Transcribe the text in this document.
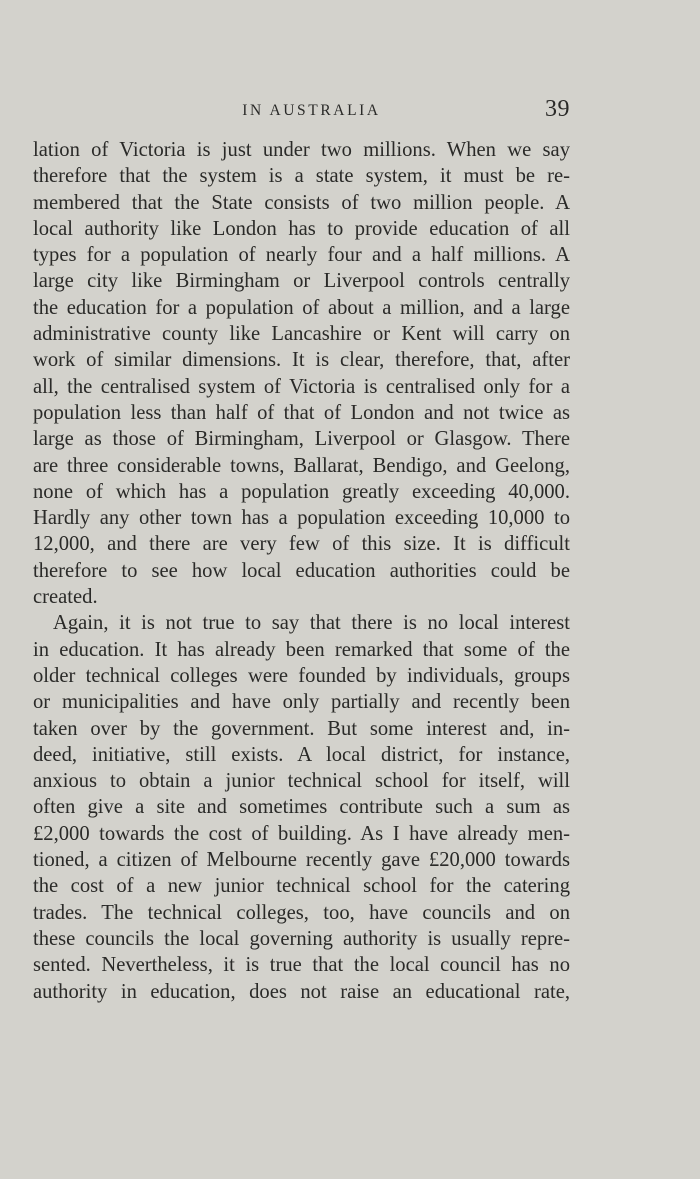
IN AUSTRALIA	39

lation of Victoria is just under two millions. When we say
therefore that the system is a state system, it must be re-
membered that the State consists of two million people. A
local authority like London has to provide education of all
types for a population of nearly four and a half millions. A
large city like Birmingham or Liverpool controls centrally
the education for a population of about a million, and a large
administrative county like Lancashire or Kent will carry on
work of similar dimensions. It is clear, therefore, that, after
all, the centralised system of Victoria is centralised only for a
population less than half of that of London and not twice as
large as those of Birmingham, Liverpool or Glasgow. There
are three considerable towns, Ballarat, Bendigo, and Geelong,
none of which has a population greatly exceeding 40,000.
Hardly any other town has a population exceeding 10,000 to
12,000, and there are very few of this size. It is difficult
therefore to see how local education authorities could be
created.

Again, it is not true to say that there is no local interest
in education. It has already been remarked that some of the
older technical colleges were founded by individuals, groups
or municipalities and have only partially and recently been
taken over by the government. But some interest and, in-
deed, initiative, still exists. A local district, for instance,
anxious to obtain a junior technical school for itself, will
often give a site and sometimes contribute such a sum as
£2,000 towards the cost of building. As I have already men-
tioned, a citizen of Melbourne recently gave £20,000 towards
the cost of a new junior technical school for the catering
trades. The technical colleges, too, have councils and on
these councils the local governing authority is usually repre-
sented. Nevertheless, it is true that the local council has no
authority in education, does not raise an educational rate,
